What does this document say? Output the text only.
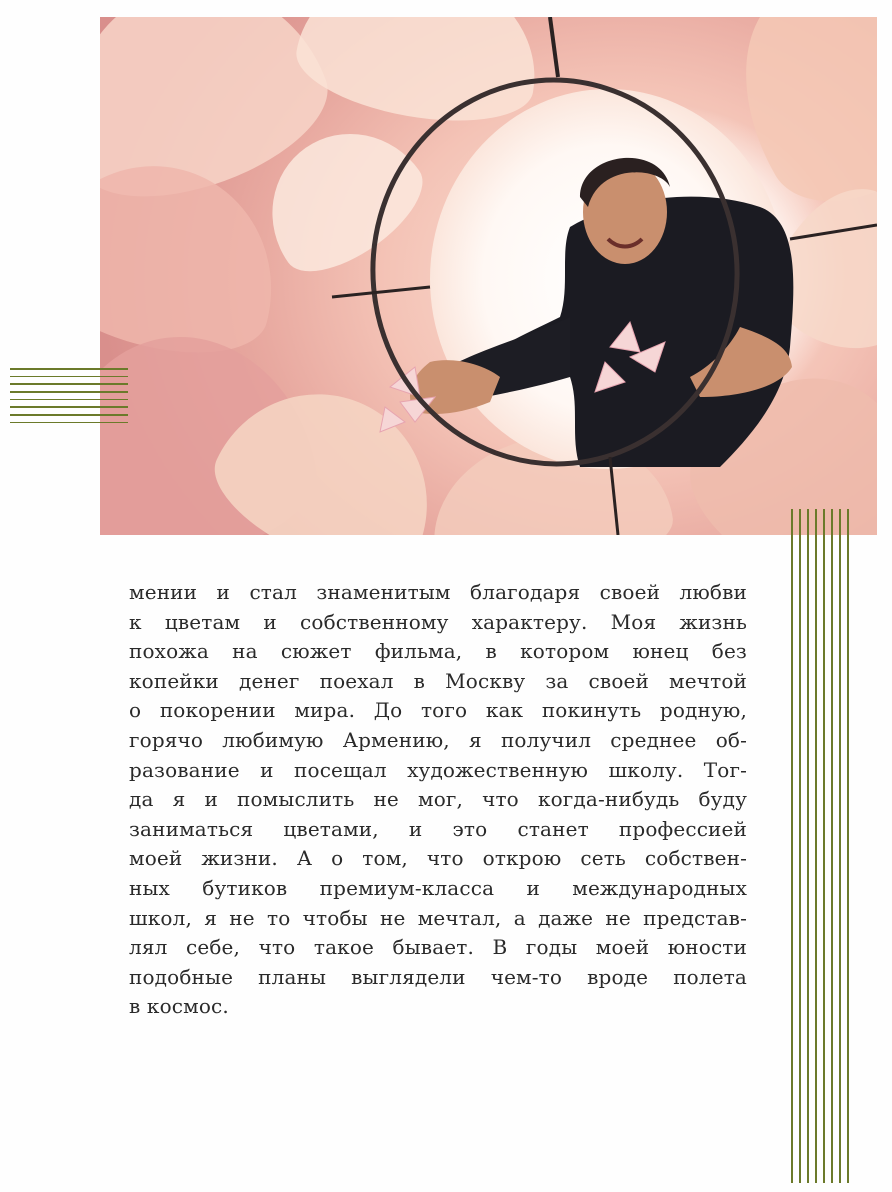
мении и стал знаменитым благодаря своей любви
к цветам и собственному характеру. Моя жизнь
похожа на сюжет фильма, в котором юнец без
копейки денег поехал в Москву за своей мечтой
о покорении мира. До того как покинуть родную,
горячо любимую Армению, я получил среднее об-
разование и посещал художественную школу. Тог-
да я и помыслить не мог, что когда-нибудь буду
заниматься цветами, и это станет профессией
моей жизни. А о том, что открою сеть собствен-
ных бутиков премиум-класса и международных
школ, я не то чтобы не мечтал, а даже не представ-
лял себе, что такое бывает. В годы моей юности
подобные планы выглядели чем-то вроде полета
в космос.
